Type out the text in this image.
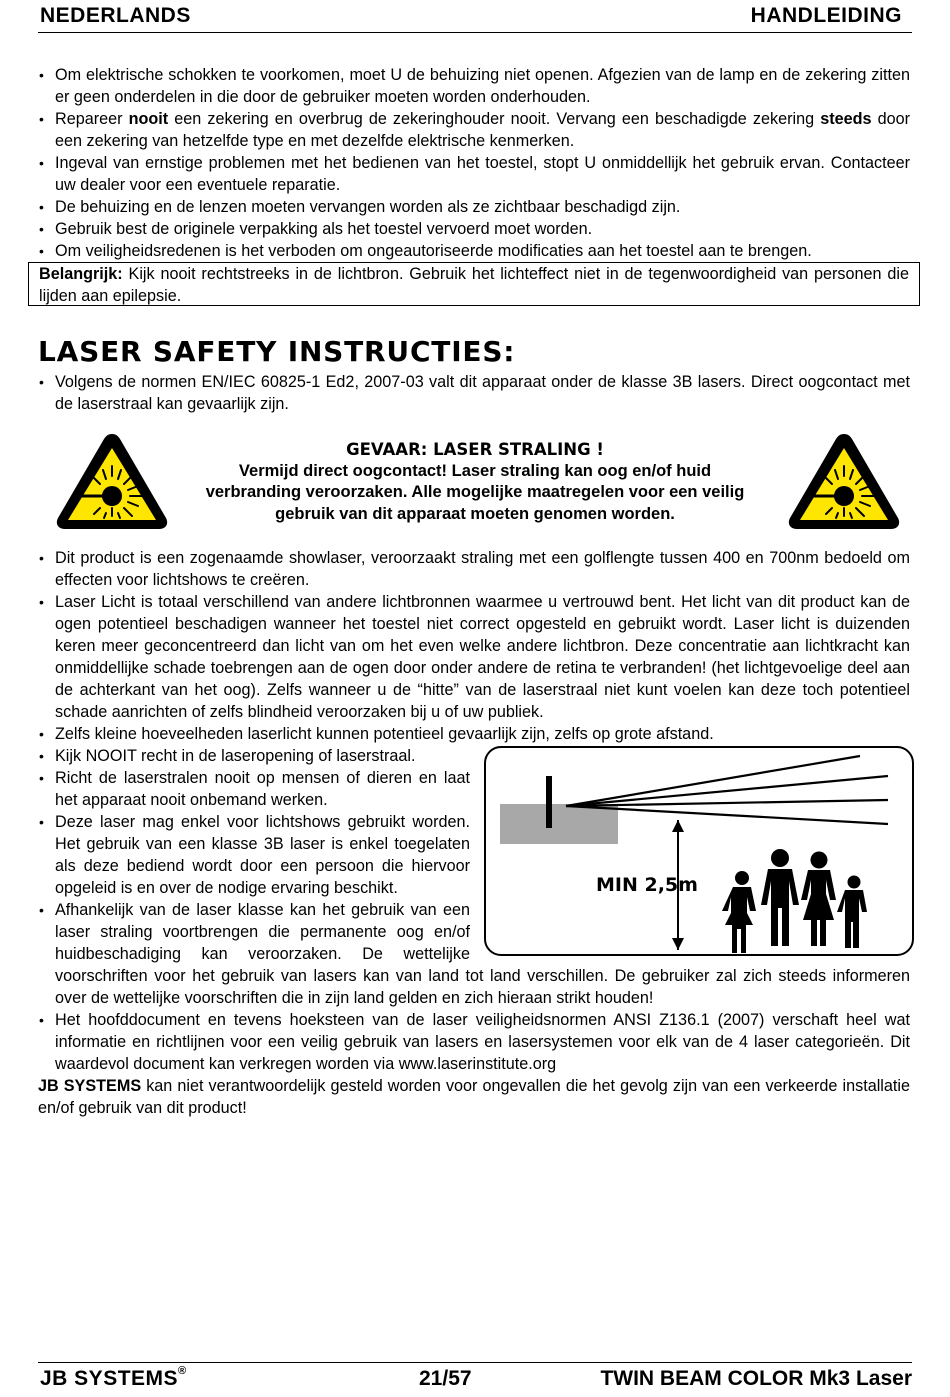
NEDERLANDS	HANDLEIDING
• Om elektrische schokken te voorkomen, moet U de behuizing niet openen. Afgezien van de lamp en de zekering zitten er geen onderdelen in die door de gebruiker moeten worden onderhouden.
• Repareer nooit een zekering en overbrug de zekeringhouder nooit. Vervang een beschadigde zekering steeds door een zekering van hetzelfde type en met dezelfde elektrische kenmerken.
• Ingeval van ernstige problemen met het bedienen van het toestel, stopt U onmiddellijk het gebruik ervan. Contacteer uw dealer voor een eventuele reparatie.
• De behuizing en de lenzen moeten vervangen worden als ze zichtbaar beschadigd zijn.
• Gebruik best de originele verpakking als het toestel vervoerd moet worden.
• Om veiligheidsredenen is het verboden om ongeautoriseerde modificaties aan het toestel aan te brengen.
Belangrijk: Kijk nooit rechtstreeks in de lichtbron. Gebruik het lichteffect niet in de tegenwoordigheid van personen die lijden aan epilepsie.
LASER SAFETY INSTRUCTIES:
• Volgens de normen EN/IEC 60825-1 Ed2, 2007-03 valt dit apparaat onder de klasse 3B lasers. Direct oogcontact met de laserstraal kan gevaarlijk zijn.
GEVAAR: LASER STRALING !
Vermijd direct oogcontact! Laser straling kan oog en/of huid verbranding veroorzaken. Alle mogelijke maatregelen voor een veilig gebruik van dit apparaat moeten genomen worden.
• Dit product is een zogenaamde showlaser, veroorzaakt straling met een golflengte tussen 400 en 700nm bedoeld om effecten voor lichtshows te creëren.
• Laser Licht is totaal verschillend van andere lichtbronnen waarmee u vertrouwd bent. Het licht van dit product kan de ogen potentieel beschadigen wanneer het toestel niet correct opgesteld en gebruikt wordt. Laser licht is duizenden keren meer geconcentreerd dan licht van om het even welke andere lichtbron. Deze concentratie aan lichtkracht kan onmiddellijke schade toebrengen aan de ogen door onder andere de retina te verbranden! (het lichtgevoelige deel aan de achterkant van het oog). Zelfs wanneer u de “hitte” van de laserstraal niet kunt voelen kan deze toch potentieel schade aanrichten of zelfs blindheid veroorzaken bij u of uw publiek.
• Zelfs kleine hoeveelheden laserlicht kunnen potentieel gevaarlijk zijn, zelfs op grote afstand.
MIN 2,5m
• Kijk NOOIT recht in de laseropening of laserstraal.
• Richt de laserstralen nooit op mensen of dieren en laat het apparaat nooit onbemand werken.
• Deze laser mag enkel voor lichtshows gebruikt worden. Het gebruik van een klasse 3B laser is enkel toegelaten als deze bediend wordt door een persoon die hiervoor opgeleid is en over de nodige ervaring beschikt.
• Afhankelijk van de laser klasse kan het gebruik van een laser straling voortbrengen die permanente oog en/of huidbeschadiging kan veroorzaken. De wettelijke voorschriften voor het gebruik van lasers kan van land tot land verschillen. De gebruiker zal zich steeds informeren over de wettelijke voorschriften die in zijn land gelden en zich hieraan strikt houden!
• Het hoofddocument en tevens hoeksteen van de laser veiligheidsnormen ANSI Z136.1 (2007) verschaft heel wat informatie en richtlijnen voor een veilig gebruik van lasers en lasersystemen voor elk van de 4 laser categorieën. Dit waardevol document kan verkregen worden via www.laserinstitute.org
JB SYSTEMS kan niet verantwoordelijk gesteld worden voor ongevallen die het gevolg zijn van een verkeerde installatie en/of gebruik van dit product!
JB SYSTEMS®	21/57	TWIN BEAM COLOR Mk3 Laser
